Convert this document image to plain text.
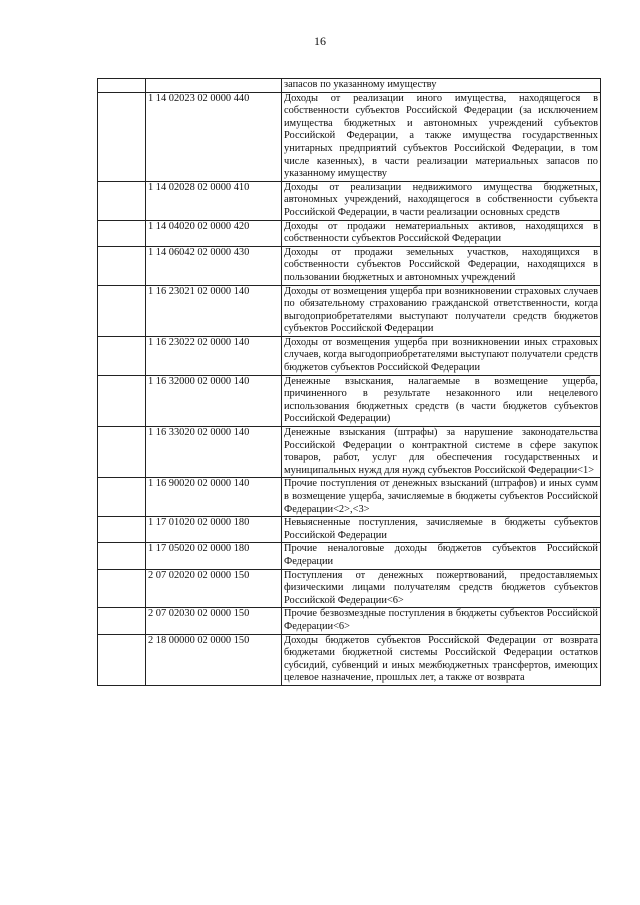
16
		запасов по указанному имуществу
	1 14 02023 02 0000 440	Доходы от реализации иного имущества, находящегося в собственности субъектов Российской Федерации (за исключением имущества бюджетных и автономных учреждений субъектов Российской Федерации, а также имущества государственных унитарных предприятий субъектов Российской Федерации, в том числе казенных), в части реализации материальных запасов по указанному имуществу
	1 14 02028 02 0000 410	Доходы от реализации недвижимого имущества бюджетных, автономных учреждений, находящегося в собственности субъекта Российской Федерации, в части реализации основных средств
	1 14 04020 02 0000 420	Доходы от продажи нематериальных активов, находящихся в собственности субъектов Российской Федерации
	1 14 06042 02 0000 430	Доходы от продажи земельных участков, находящихся в собственности субъектов Российской Федерации, находящихся в пользовании бюджетных и автономных учреждений
	1 16 23021 02 0000 140	Доходы от возмещения ущерба при возникновении страховых случаев по обязательному страхованию гражданской ответственности, когда выгодоприобретателями выступают получатели средств бюджетов субъектов Российской Федерации
	1 16 23022 02 0000 140	Доходы от возмещения ущерба при возникновении иных страховых случаев, когда выгодоприобретателями выступают получатели средств бюджетов субъектов Российской Федерации
	1 16 32000 02 0000 140	Денежные взыскания, налагаемые в возмещение ущерба, причиненного в результате незаконного или нецелевого использования бюджетных средств (в части бюджетов субъектов Российской Федерации)
	1 16 33020 02 0000 140	Денежные взыскания (штрафы) за нарушение законодательства Российской Федерации о контрактной системе в сфере закупок товаров, работ, услуг для обеспечения государственных и муниципальных нужд для нужд субъектов Российской Федерации<1>
	1 16 90020 02 0000 140	Прочие поступления от денежных взысканий (штрафов) и иных сумм в возмещение ущерба, зачисляемые в бюджеты субъектов Российской Федерации<2>,<3>
	1 17 01020 02 0000 180	Невыясненные поступления, зачисляемые в бюджеты субъектов Российской Федерации
	1 17 05020 02 0000 180	Прочие неналоговые доходы бюджетов субъектов Российской Федерации
	2 07 02020 02 0000 150	Поступления от денежных пожертвований, предоставляемых физическими лицами получателям средств бюджетов субъектов Российской Федерации<6>
	2 07 02030 02 0000 150	Прочие безвозмездные поступления в бюджеты субъектов Российской Федерации<6>
	2 18 00000 02 0000 150	Доходы бюджетов субъектов Российской Федерации от возврата бюджетами бюджетной системы Российской Федерации остатков субсидий, субвенций и иных межбюджетных трансфертов, имеющих целевое назначение, прошлых лет, а также от возврата
